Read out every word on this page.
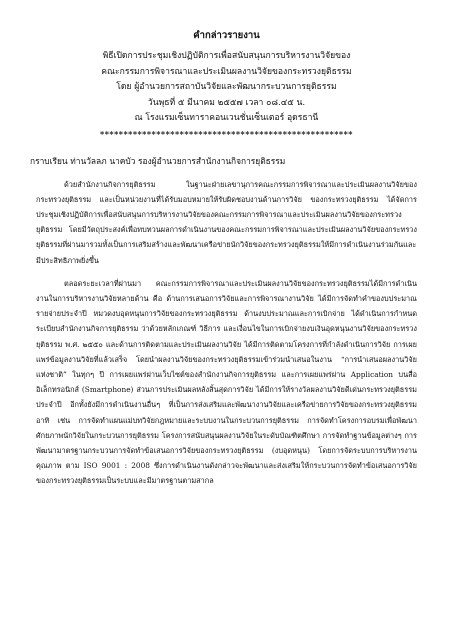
คำกล่าวรายงาน
พิธีเปิดการประชุมเชิงปฏิบัติการเพื่อสนับสนุนการบริหารงานวิจัยของ
คณะกรรมการพิจารณาและประเมินผลงานวิจัยของกระทรวงยุติธรรม
โดย ผู้อำนวยการสถาบันวิจัยและพัฒนากระบวนการยุติธรรม
วันพุธที่ ๕ มีนาคม ๒๕๕๗ เวลา ๐๘.๔๕ น.
ณ โรงแรมเซ็นทาราคอนเวนชั่นเซ็นเตอร์ อุดรธานี
******************************************************
กราบเรียน ท่านวัลลภ นาคบัว รองผู้อำนวยการสำนักงานกิจการยุติธรรม

ด้วยสำนักงานกิจการยุติธรรม ในฐานะฝ่ายเลขานุการคณะกรรมการพิจารณาและประเมินผลงานวิจัยของกระทรวงยุติธรรม และเป็นหน่วยงานที่ได้รับมอบหมายให้รับผิดชอบงานด้านการวิจัย ของกระทรวงยุติธรรม ได้จัดการประชุมเชิงปฏิบัติการเพื่อสนับสนุนการบริหารงานวิจัยของคณะกรรมการพิจารณาและประเมินผลงานวิจัยของกระทรวงยุติธรรม โดยมีวัตถุประสงค์เพื่อทบทวนผลการดำเนินงานของคณะกรรมการพิจารณาและประเมินผลงานวิจัยของกระทรวงยุติธรรมที่ผ่านมารวมทั้งเป็นการเสริมสร้างและพัฒนาเครือข่ายนักวิจัยของกระทรวงยุติธรรมให้มีการดำเนินงานร่วมกันและมีประสิทธิภาพยิ่งขึ้น

ตลอดระยะเวลาที่ผ่านมา คณะกรรมการพิจารณาและประเมินผลงานวิจัยของกระทรวงยุติธรรมได้มีการดำเนินงานในการบริหารงานวิจัยหลายด้าน คือ ด้านการเสนอการวิจัยและการพิจารณางานวิจัย ได้มีการจัดทำคำของบประมาณรายจ่ายประจำปี หมวดงบอุดหนุนการวิจัยของกระทรวงยุติธรรม ด้านงบประมาณและการเบิกจ่าย ได้ดำเนินการกำหนดระเบียบสำนักงานกิจการยุติธรรม ว่าด้วยหลักเกณฑ์ วิธีการ และเงื่อนไขในการเบิกจ่ายงบเงินอุดหนุนงานวิจัยของกระทรวงยุติธรรม พ.ศ. ๒๕๕๐ และด้านการติดตามและประเมินผลงานวิจัย ได้มีการติดตามโครงการที่กำลังดำเนินการวิจัย การเผยแพร่ข้อมูลงานวิจัยที่แล้วเสร็จ โดยนำผลงานวิจัยของกระทรวงยุติธรรมเข้าร่วมนำเสนอในงาน “การนำเสนอผลงานวิจัยแห่งชาติ” ในทุกๆ ปี การเผยแพร่ผ่านเว็บไซต์ของสำนักงานกิจการยุติธรรม และการเผยแพร่ผ่าน Application บนสื่ออิเล็กทรอนิกส์ (Smartphone) ส่วนการประเมินผลหลังสิ้นสุดการวิจัย ได้มีการให้รางวัลผลงานวิจัยดีเด่นกระทรวงยุติธรรมประจำปี อีกทั้งยังมีการดำเนินงานอื่นๆ ที่เป็นการส่งเสริมและพัฒนางานวิจัยและเครือข่ายการวิจัยของกระทรวงยุติธรรม อาทิ เช่น การจัดทำแผนแม่บทวิจัยกฎหมายและระบบงานในกระบวนการยุติธรรม การจัดทำโครงการอบรมเพื่อพัฒนาศักยภาพนักวิจัยในกระบวนการยุติธรรม โครงการสนับสนุนผลงานวิจัยในระดับบัณฑิตศึกษา การจัดทำฐานข้อมูลต่างๆ การพัฒนามาตรฐานกระบวนการจัดทำข้อเสนอการวิจัยของกระทรวงยุติธรรม (งบอุดหนุน) โดยการจัดระบบการบริหารงานคุณภาพ ตาม ISO 9001 : 2008 ซึ่งการดำเนินงานดังกล่าวจะพัฒนาและส่งเสริมให้กระบวนการจัดทำข้อเสนอการวิจัยของกระทรวงยุติธรรมเป็นระบบและมีมาตรฐานตามสากล
